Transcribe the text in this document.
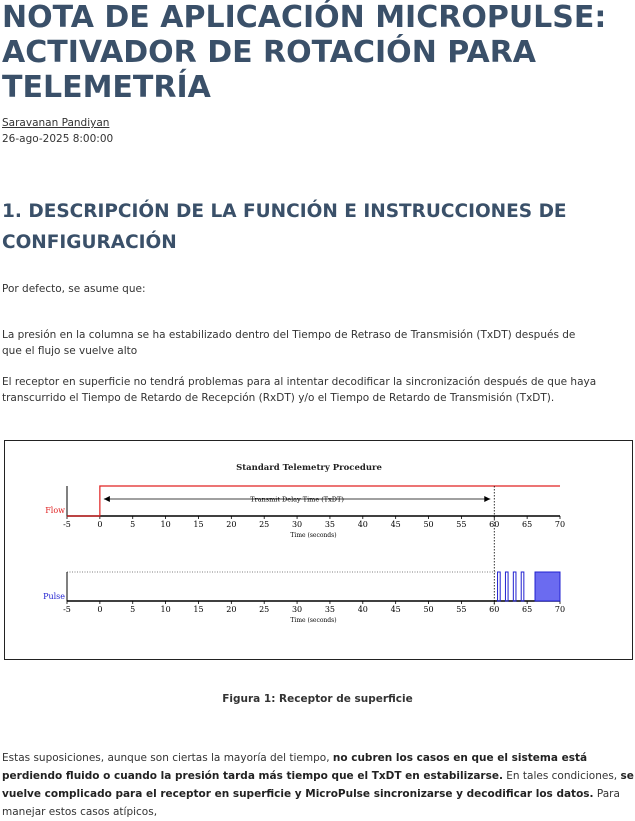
NOTA DE APLICACIÓN MICROPULSE: ACTIVADOR DE ROTACIÓN PARA TELEMETRÍA
Saravanan Pandiyan
26-ago-2025 8:00:00
1. DESCRIPCIÓN DE LA FUNCIÓN E INSTRUCCIONES DE CONFIGURACIÓN

Por defecto, se asume que:

La presión en la columna se ha estabilizado dentro del Tiempo de Retraso de Transmisión (TxDT) después de que el flujo se vuelve alto

El receptor en superficie no tendrá problemas para al intentar decodificar la sincronización después de que haya transcurrido el Tiempo de Retardo de Recepción (RxDT) y/o el Tiempo de Retardo de Transmisión (TxDT).

Standard Telemetry Procedure
-5	0	5	10	15	20	25	30	35	40	45	50	55	60	65	70
Time (seconds)
Flow
Transmit Delay Time (TxDT)
-5	0	5	10	15	20	25	30	35	40	45	50	55	60	65	70
Time (seconds)
Pulse
Figura 1: Receptor de superficie

Estas suposiciones, aunque son ciertas la mayoría del tiempo, no cubren los casos en que el sistema está perdiendo fluido o cuando la presión tarda más tiempo que el TxDT en estabilizarse. En tales condiciones, se vuelve complicado para el receptor en superficie y MicroPulse sincronizarse y decodificar los datos. Para manejar estos casos atípicos,
